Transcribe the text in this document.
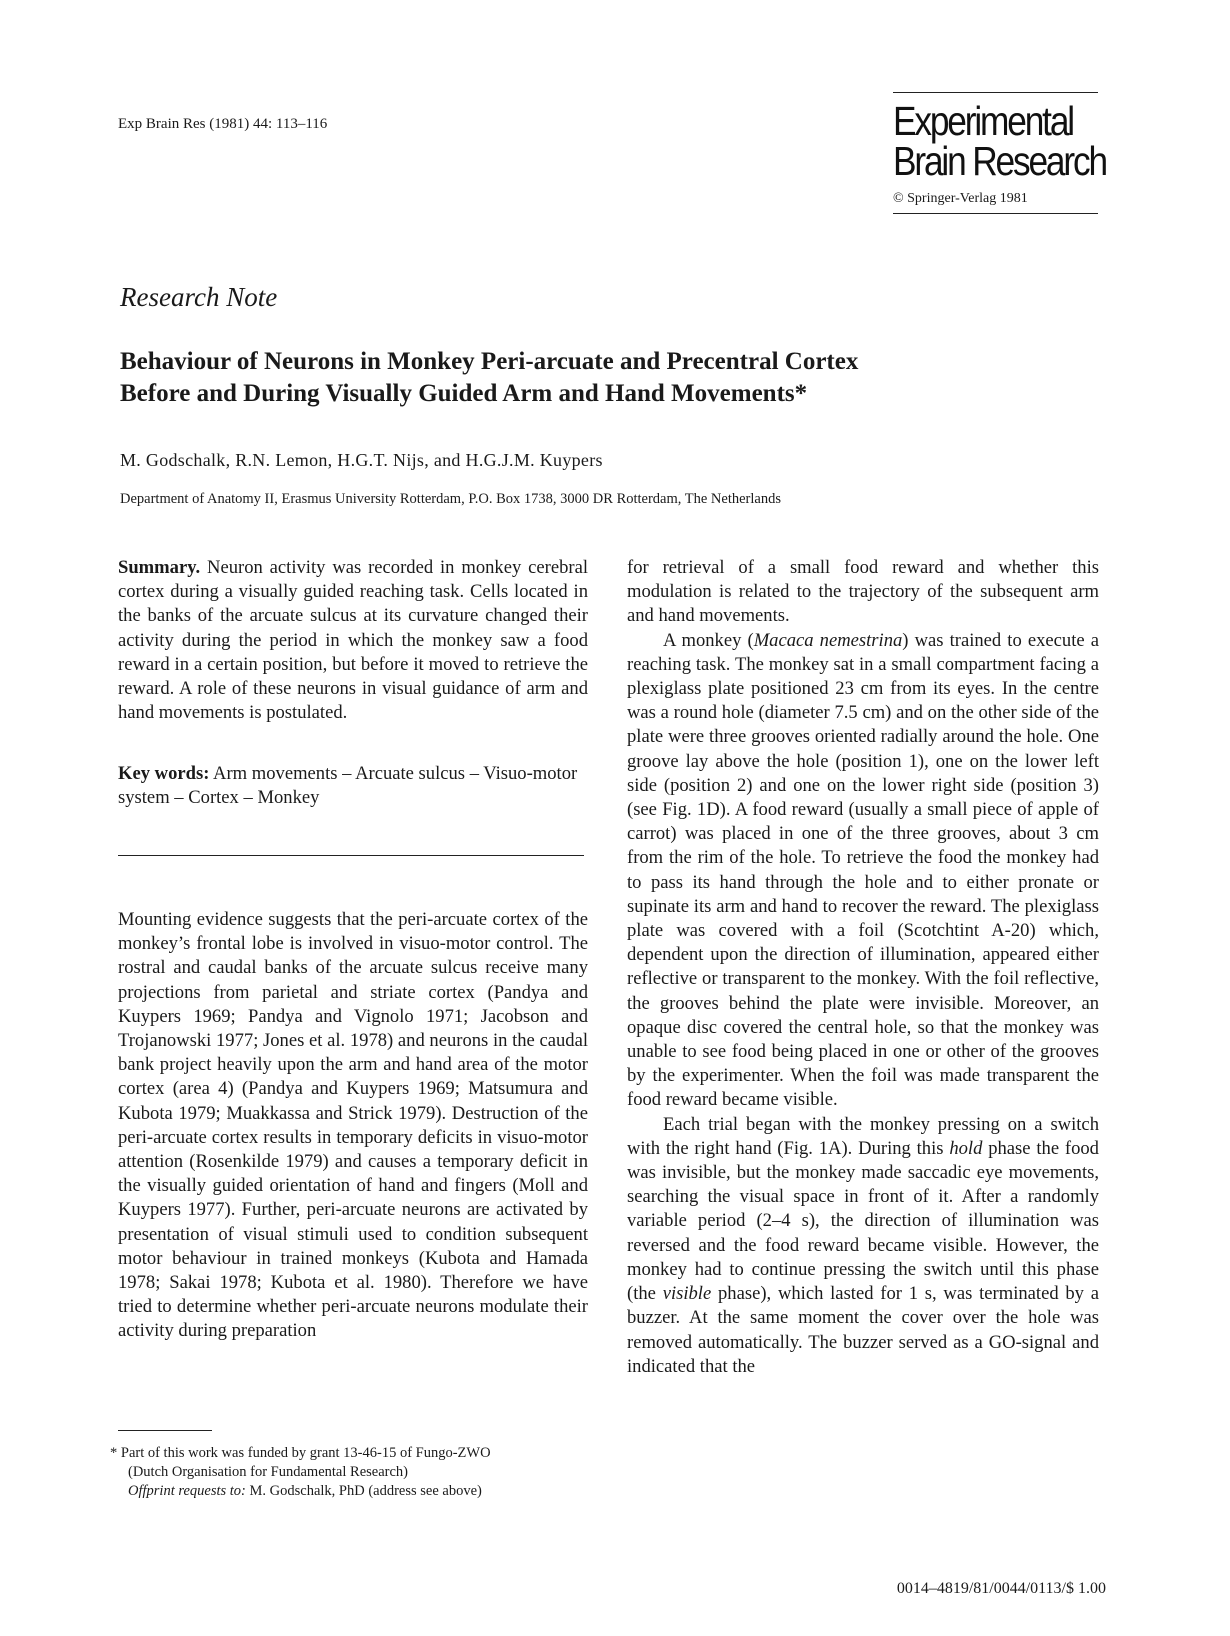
Exp Brain Res (1981) 44: 113–116	Experimental
Brain Research
© Springer-Verlag 1981
Research Note
Behaviour of Neurons in Monkey Peri-arcuate and Precentral Cortex
Before and During Visually Guided Arm and Hand Movements*
M. Godschalk, R.N. Lemon, H.G.T. Nijs, and H.G.J.M. Kuypers
Department of Anatomy II, Erasmus University Rotterdam, P.O. Box 1738, 3000 DR Rotterdam, The Netherlands

Summary. Neuron activity was recorded in monkey cerebral cortex during a visually guided reaching task. Cells located in the banks of the arcuate sulcus at its curvature changed their activity during the period in which the monkey saw a food reward in a certain position, but before it moved to retrieve the reward. A role of these neurons in visual guidance of arm and hand movements is postulated.

Key words: Arm movements – Arcuate sulcus – Visuo-motor system – Cortex – Monkey

Mounting evidence suggests that the peri-arcuate cortex of the monkey’s frontal lobe is involved in visuo-motor control. The rostral and caudal banks of the arcuate sulcus receive many projections from parietal and striate cortex (Pandya and Kuypers 1969; Pandya and Vignolo 1971; Jacobson and Trojanowski 1977; Jones et al. 1978) and neurons in the caudal bank project heavily upon the arm and hand area of the motor cortex (area 4) (Pandya and Kuypers 1969; Matsumura and Kubota 1979; Muakkassa and Strick 1979). Destruction of the peri-arcuate cortex results in temporary deficits in visuo-motor attention (Rosenkilde 1979) and causes a temporary deficit in the visually guided orientation of hand and fingers (Moll and Kuypers 1977). Further, peri-arcuate neurons are activated by presentation of visual stimuli used to condition subsequent motor behaviour in trained monkeys (Kubota and Hamada 1978; Sakai 1978; Kubota et al. 1980). Therefore we have tried to determine whether peri-arcuate neurons modulate their activity during preparation

* Part of this work was funded by grant 13-46-15 of Fungo-ZWO

(Dutch Organisation for Fundamental Research)

Offprint requests to: M. Godschalk, PhD (address see above)

for retrieval of a small food reward and whether this modulation is related to the trajectory of the subsequent arm and hand movements.

A monkey (Macaca nemestrina) was trained to execute a reaching task. The monkey sat in a small compartment facing a plexiglass plate positioned 23 cm from its eyes. In the centre was a round hole (diameter 7.5 cm) and on the other side of the plate were three grooves oriented radially around the hole. One groove lay above the hole (position 1), one on the lower left side (position 2) and one on the lower right side (position 3) (see Fig. 1D). A food reward (usually a small piece of apple of carrot) was placed in one of the three grooves, about 3 cm from the rim of the hole. To retrieve the food the monkey had to pass its hand through the hole and to either pronate or supinate its arm and hand to recover the reward. The plexiglass plate was covered with a foil (Scotchtint A-20) which, dependent upon the direction of illumination, appeared either reflective or transparent to the monkey. With the foil reflective, the grooves behind the plate were invisible. Moreover, an opaque disc covered the central hole, so that the monkey was unable to see food being placed in one or other of the grooves by the experimenter. When the foil was made transparent the food reward became visible.

Each trial began with the monkey pressing on a switch with the right hand (Fig. 1A). During this hold phase the food was invisible, but the monkey made saccadic eye movements, searching the visual space in front of it. After a randomly variable period (2–4 s), the direction of illumination was reversed and the food reward became visible. However, the monkey had to continue pressing the switch until this phase (the visible phase), which lasted for 1 s, was terminated by a buzzer. At the same moment the cover over the hole was removed automatically. The buzzer served as a GO-signal and indicated that the

0014–4819/81/0044/0113/$ 1.00
